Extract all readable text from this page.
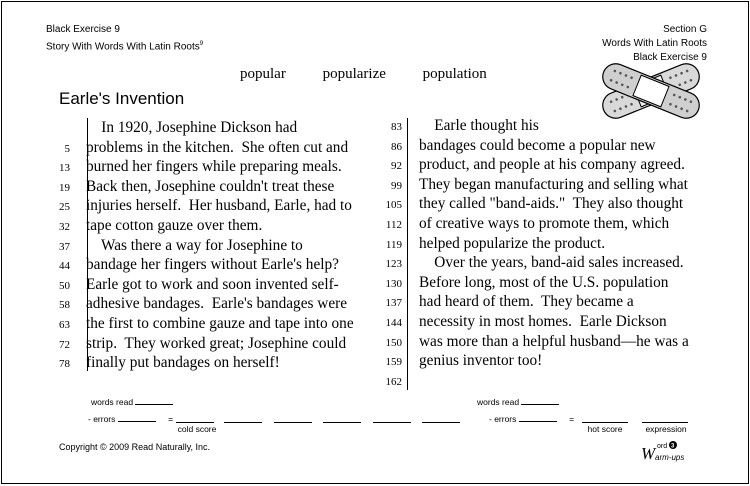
Black Exercise 9
Story With Words With Latin Roots$^9$
Section G
Words With Latin Roots
Black Exercise 9
popular popularize population
Earle's Invention
5
13
19
25
32
37
44
50
58
63
72
78
In 1920, Josephine Dickson had
problems in the kitchen.  She often cut and
burned her fingers while preparing meals.
Back then, Josephine couldn't treat these
injuries herself.  Her husband, Earle, had to
tape cotton gauze over them.
Was there a way for Josephine to
bandage her fingers without Earle's help?
Earle got to work and soon invented self-
adhesive bandages.  Earle's bandages were
the first to combine gauze and tape into one
strip.  They worked great; Josephine could
finally put bandages on herself!
83
86
92
99
105
112
119
123
130
137
144
150
159
162
Earle thought his
bandages could become a popular new
product, and people at his company agreed.
They began manufacturing and selling what
they called "band-aids."  They also thought
of creative ways to promote them, which
helped popularize the product.
Over the years, band-aid sales increased.
Before long, most of the U.S. population
had heard of them.  They became a
necessity in most homes.  Earle Dickson
was more than a helpful husband—he was a
genius inventor too!
words read
- errors	=
cold score
words read
- errors	=
hot score	expression
Copyright © 2009 Read Naturally, Inc.	W ord
arm-ups
3
